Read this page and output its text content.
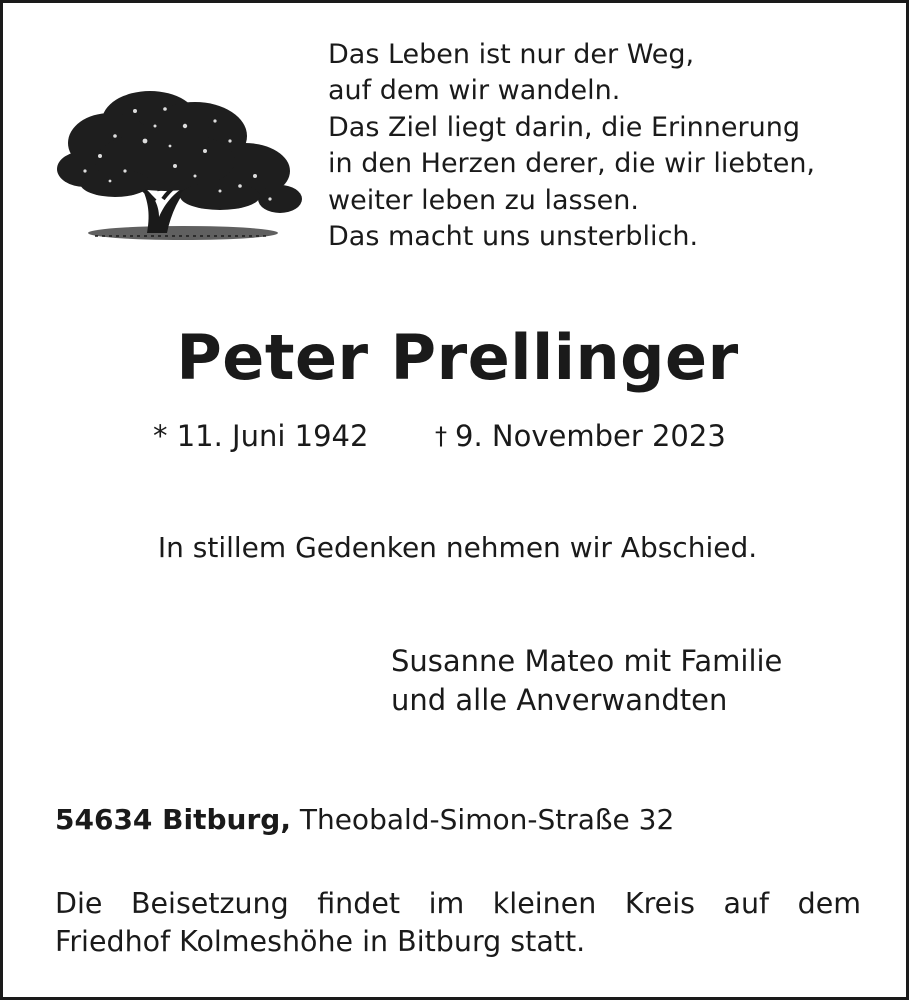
Das Leben ist nur der Weg,
auf dem wir wandeln.
Das Ziel liegt darin, die Erinnerung
in den Herzen derer, die wir liebten,
weiter leben zu lassen.
Das macht uns unsterblich.
Peter Prellinger
* 11. Juni 1942	† 9. November 2023
In stillem Gedenken nehmen wir Abschied.
Susanne Mateo mit Familie
und alle Anverwandten
54634 Bitburg, Theobald-Simon-Straße 32
Die Beisetzung findet im kleinen Kreis auf dem
Friedhof Kolmeshöhe in Bitburg statt.
